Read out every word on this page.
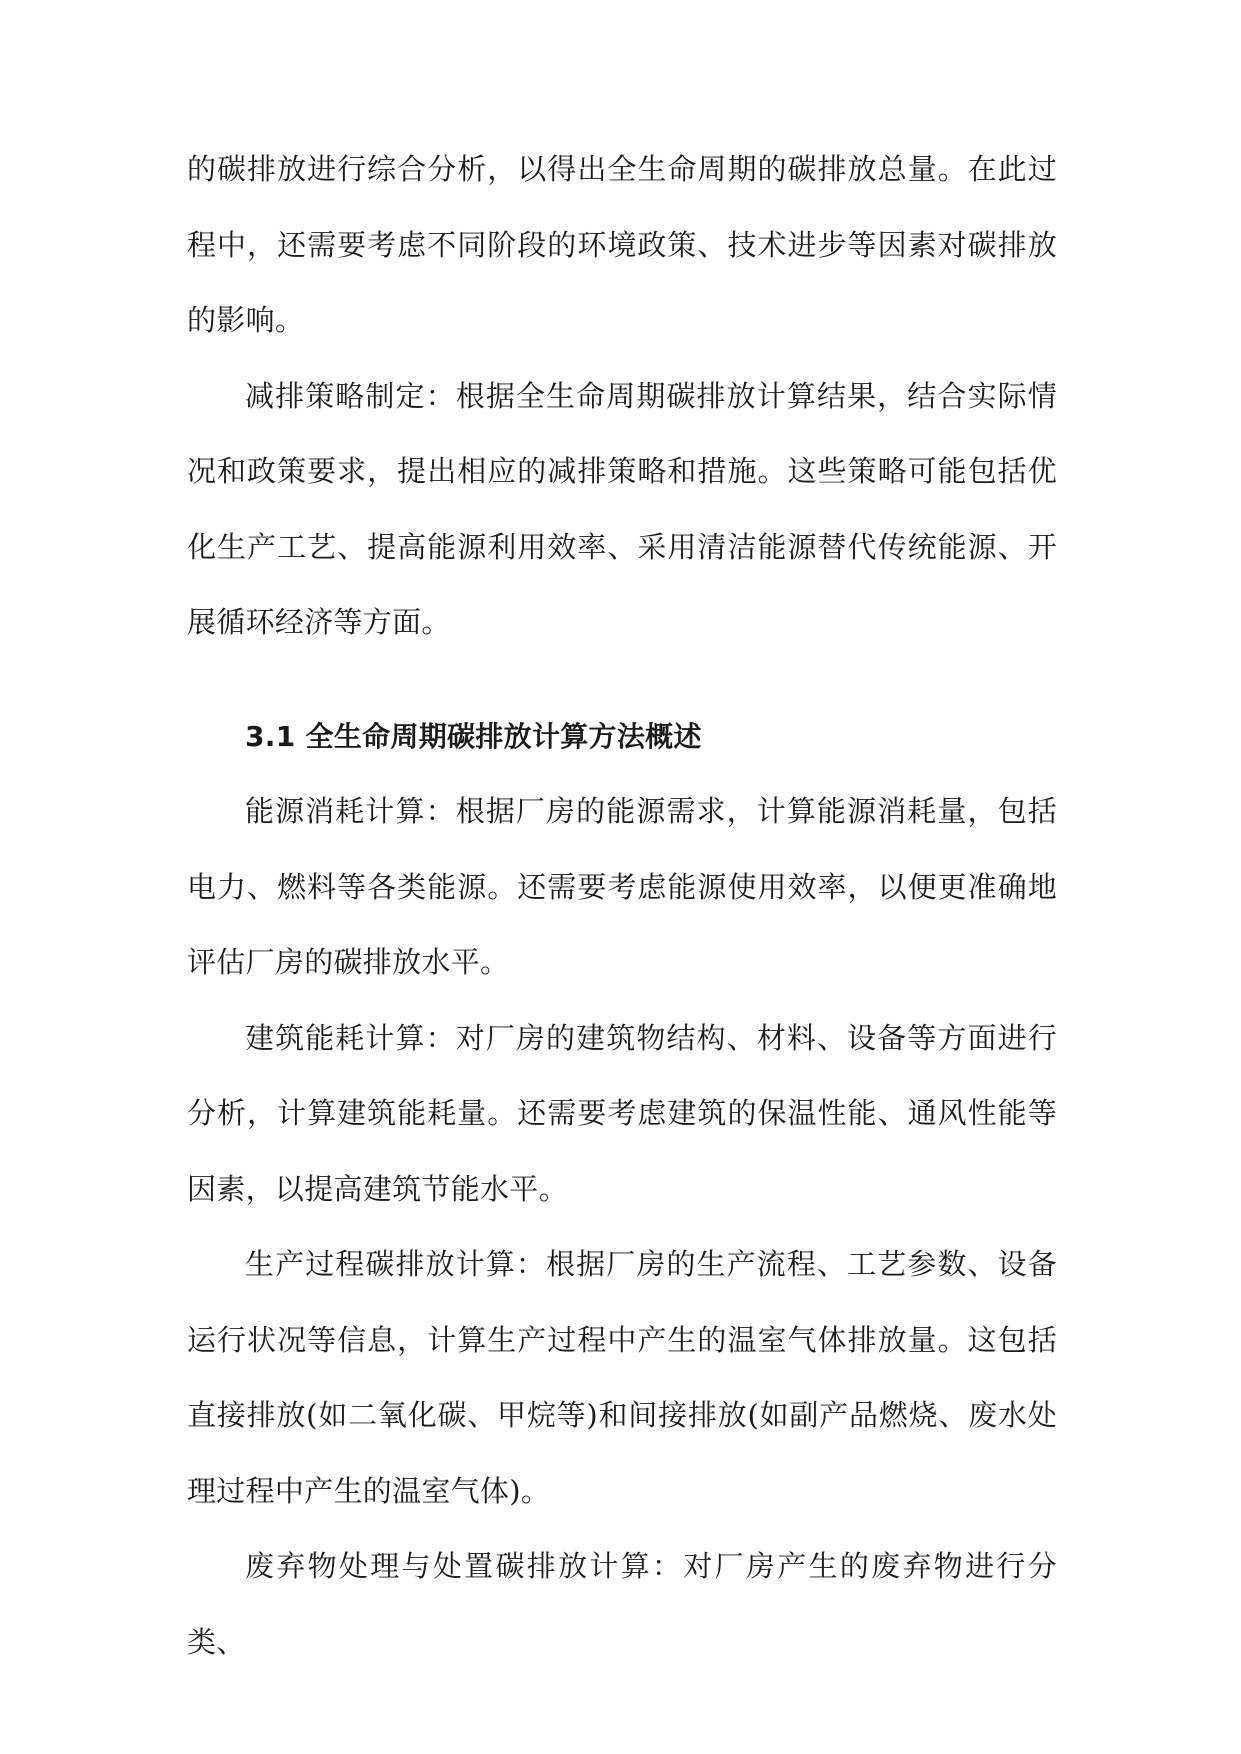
的碳排放进行综合分析，以得出全生命周期的碳排放总量。在此过程中，还需要考虑不同阶段的环境政策、技术进步等因素对碳排放的影响。

减排策略制定：根据全生命周期碳排放计算结果，结合实际情况和政策要求，提出相应的减排策略和措施。这些策略可能包括优化生产工艺、提高能源利用效率、采用清洁能源替代传统能源、开展循环经济等方面。

3.1 全生命周期碳排放计算方法概述

能源消耗计算：根据厂房的能源需求，计算能源消耗量，包括电力、燃料等各类能源。还需要考虑能源使用效率，以便更准确地评估厂房的碳排放水平。

建筑能耗计算：对厂房的建筑物结构、材料、设备等方面进行分析，计算建筑能耗量。还需要考虑建筑的保温性能、通风性能等因素，以提高建筑节能水平。

生产过程碳排放计算：根据厂房的生产流程、工艺参数、设备运行状况等信息，计算生产过程中产生的温室气体排放量。这包括直接排放(如二氧化碳、甲烷等)和间接排放(如副产品燃烧、废水处理过程中产生的温室气体)。

废弃物处理与处置碳排放计算：对厂房产生的废弃物进行分类、
